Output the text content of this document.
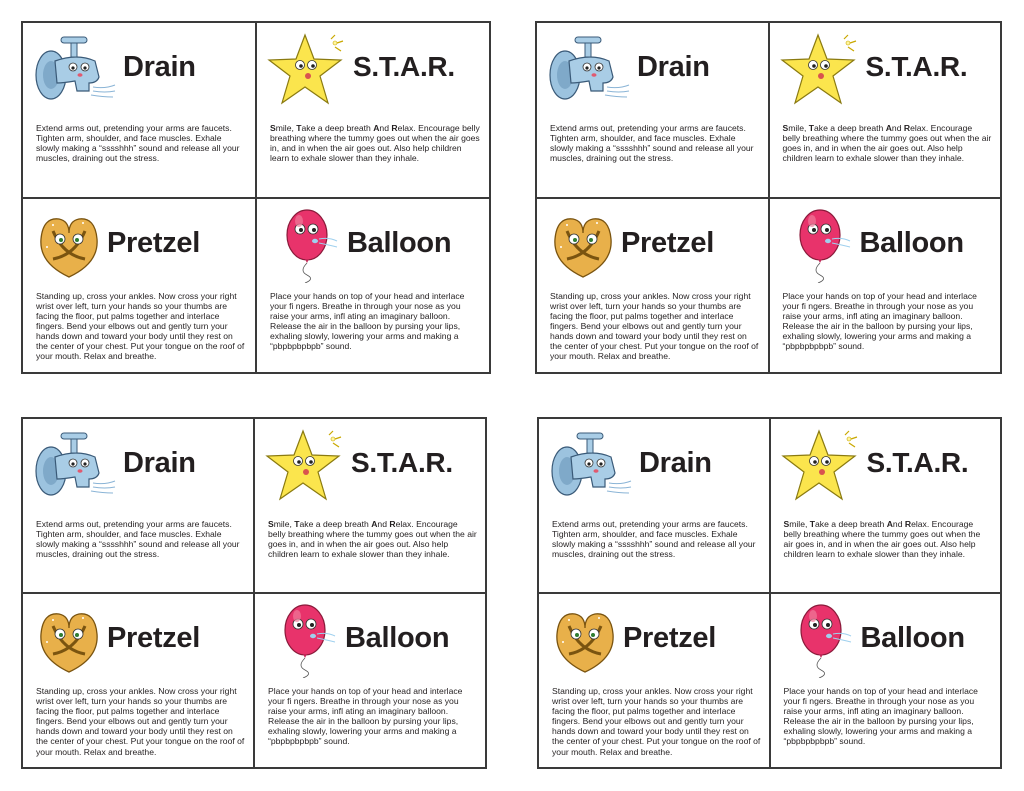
Drain

Extend arms out, pretending your arms are faucets. Tighten arm, shoulder, and face muscles. Exhale slowly making a “sssshhh” sound and release all your muscles, draining out the stress.

S.T.A.R.

Smile, Take a deep breath And Relax. Encourage belly breathing where the tummy goes out when the air goes in, and in when the air goes out. Also help children learn to exhale slower than they inhale.

Pretzel

Standing up, cross your ankles. Now cross your right wrist over left, turn your hands so your thumbs are facing the floor, put palms together and interlace fingers. Bend your elbows out and gently turn your hands down and toward your body until they rest on the center of your chest. Put your tongue on the roof of your mouth. Relax and breathe.

Balloon

Place your hands on top of your head and interlace your fi ngers. Breathe in through your nose as you raise your arms, infl ating an imaginary balloon. Release the air in the balloon by pursing your lips, exhaling slowly, lowering your arms and making a “pbpbpbpbpb” sound.

Drain

Extend arms out, pretending your arms are faucets. Tighten arm, shoulder, and face muscles. Exhale slowly making a “sssshhh” sound and release all your muscles, draining out the stress.

S.T.A.R.

Smile, Take a deep breath And Relax. Encourage belly breathing where the tummy goes out when the air goes in, and in when the air goes out. Also help children learn to exhale slower than they inhale.

Pretzel

Standing up, cross your ankles. Now cross your right wrist over left, turn your hands so your thumbs are facing the floor, put palms together and interlace fingers. Bend your elbows out and gently turn your hands down and toward your body until they rest on the center of your chest. Put your tongue on the roof of your mouth. Relax and breathe.

Balloon

Place your hands on top of your head and interlace your fi ngers. Breathe in through your nose as you raise your arms, infl ating an imaginary balloon. Release the air in the balloon by pursing your lips, exhaling slowly, lowering your arms and making a “pbpbpbpbpb” sound.

Drain

Extend arms out, pretending your arms are faucets. Tighten arm, shoulder, and face muscles. Exhale slowly making a “sssshhh” sound and release all your muscles, draining out the stress.

S.T.A.R.

Smile, Take a deep breath And Relax. Encourage belly breathing where the tummy goes out when the air goes in, and in when the air goes out. Also help children learn to exhale slower than they inhale.

Pretzel

Standing up, cross your ankles. Now cross your right wrist over left, turn your hands so your thumbs are facing the floor, put palms together and interlace fingers. Bend your elbows out and gently turn your hands down and toward your body until they rest on the center of your chest. Put your tongue on the roof of your mouth. Relax and breathe.

Balloon

Place your hands on top of your head and interlace your fi ngers. Breathe in through your nose as you raise your arms, infl ating an imaginary balloon. Release the air in the balloon by pursing your lips, exhaling slowly, lowering your arms and making a “pbpbpbpbpb” sound.

Drain

Extend arms out, pretending your arms are faucets. Tighten arm, shoulder, and face muscles. Exhale slowly making a “sssshhh” sound and release all your muscles, draining out the stress.

S.T.A.R.

Smile, Take a deep breath And Relax. Encourage belly breathing where the tummy goes out when the air goes in, and in when the air goes out. Also help children learn to exhale slower than they inhale.

Pretzel

Standing up, cross your ankles. Now cross your right wrist over left, turn your hands so your thumbs are facing the floor, put palms together and interlace fingers. Bend your elbows out and gently turn your hands down and toward your body until they rest on the center of your chest. Put your tongue on the roof of your mouth. Relax and breathe.

Balloon

Place your hands on top of your head and interlace your fi ngers. Breathe in through your nose as you raise your arms, infl ating an imaginary balloon. Release the air in the balloon by pursing your lips, exhaling slowly, lowering your arms and making a “pbpbpbpbpb” sound.
